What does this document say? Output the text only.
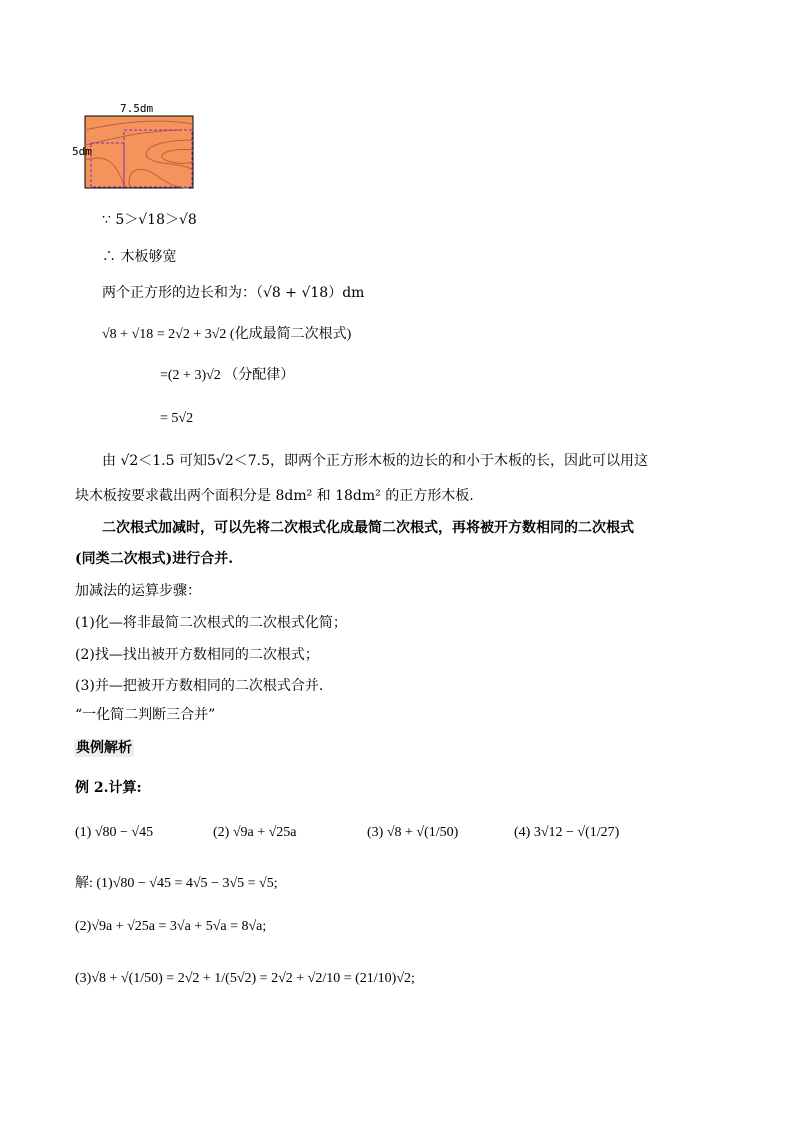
7.5dm
5dm
∵ 5＞√18＞√8
∴ 木板够宽
两个正方形的边长和为：（√8 + √18）dm
√8 + √18 = 2√2 + 3√2 (化成最简二次根式)
=(2 + 3)√2 （分配律）
= 5√2
由 √2＜1.5 可知5√2＜7.5，即两个正方形木板的边长的和小于木板的长，因此可以用这
块木板按要求截出两个面积分是 8dm² 和 18dm² 的正方形木板.
二次根式加减时，可以先将二次根式化成最简二次根式，再将被开方数相同的二次根式
(同类二次根式)进行合并.
加减法的运算步骤：
(1)化—将非最简二次根式的二次根式化简；
(2)找—找出被开方数相同的二次根式；
(3)并—把被开方数相同的二次根式合并.
“一化简二判断三合并”
典例解析
例 2.计算:
(1) √80 − √45	(2) √9a + √25a	(3) √8 + √(1/50)	(4) 3√12 − √(1/27)
解: (1)√80 − √45 = 4√5 − 3√5 = √5;
(2)√9a + √25a = 3√a + 5√a = 8√a;
(3)√8 + √(1/50) = 2√2 + 1/(5√2) = 2√2 + √2/10 = (21/10)√2;
